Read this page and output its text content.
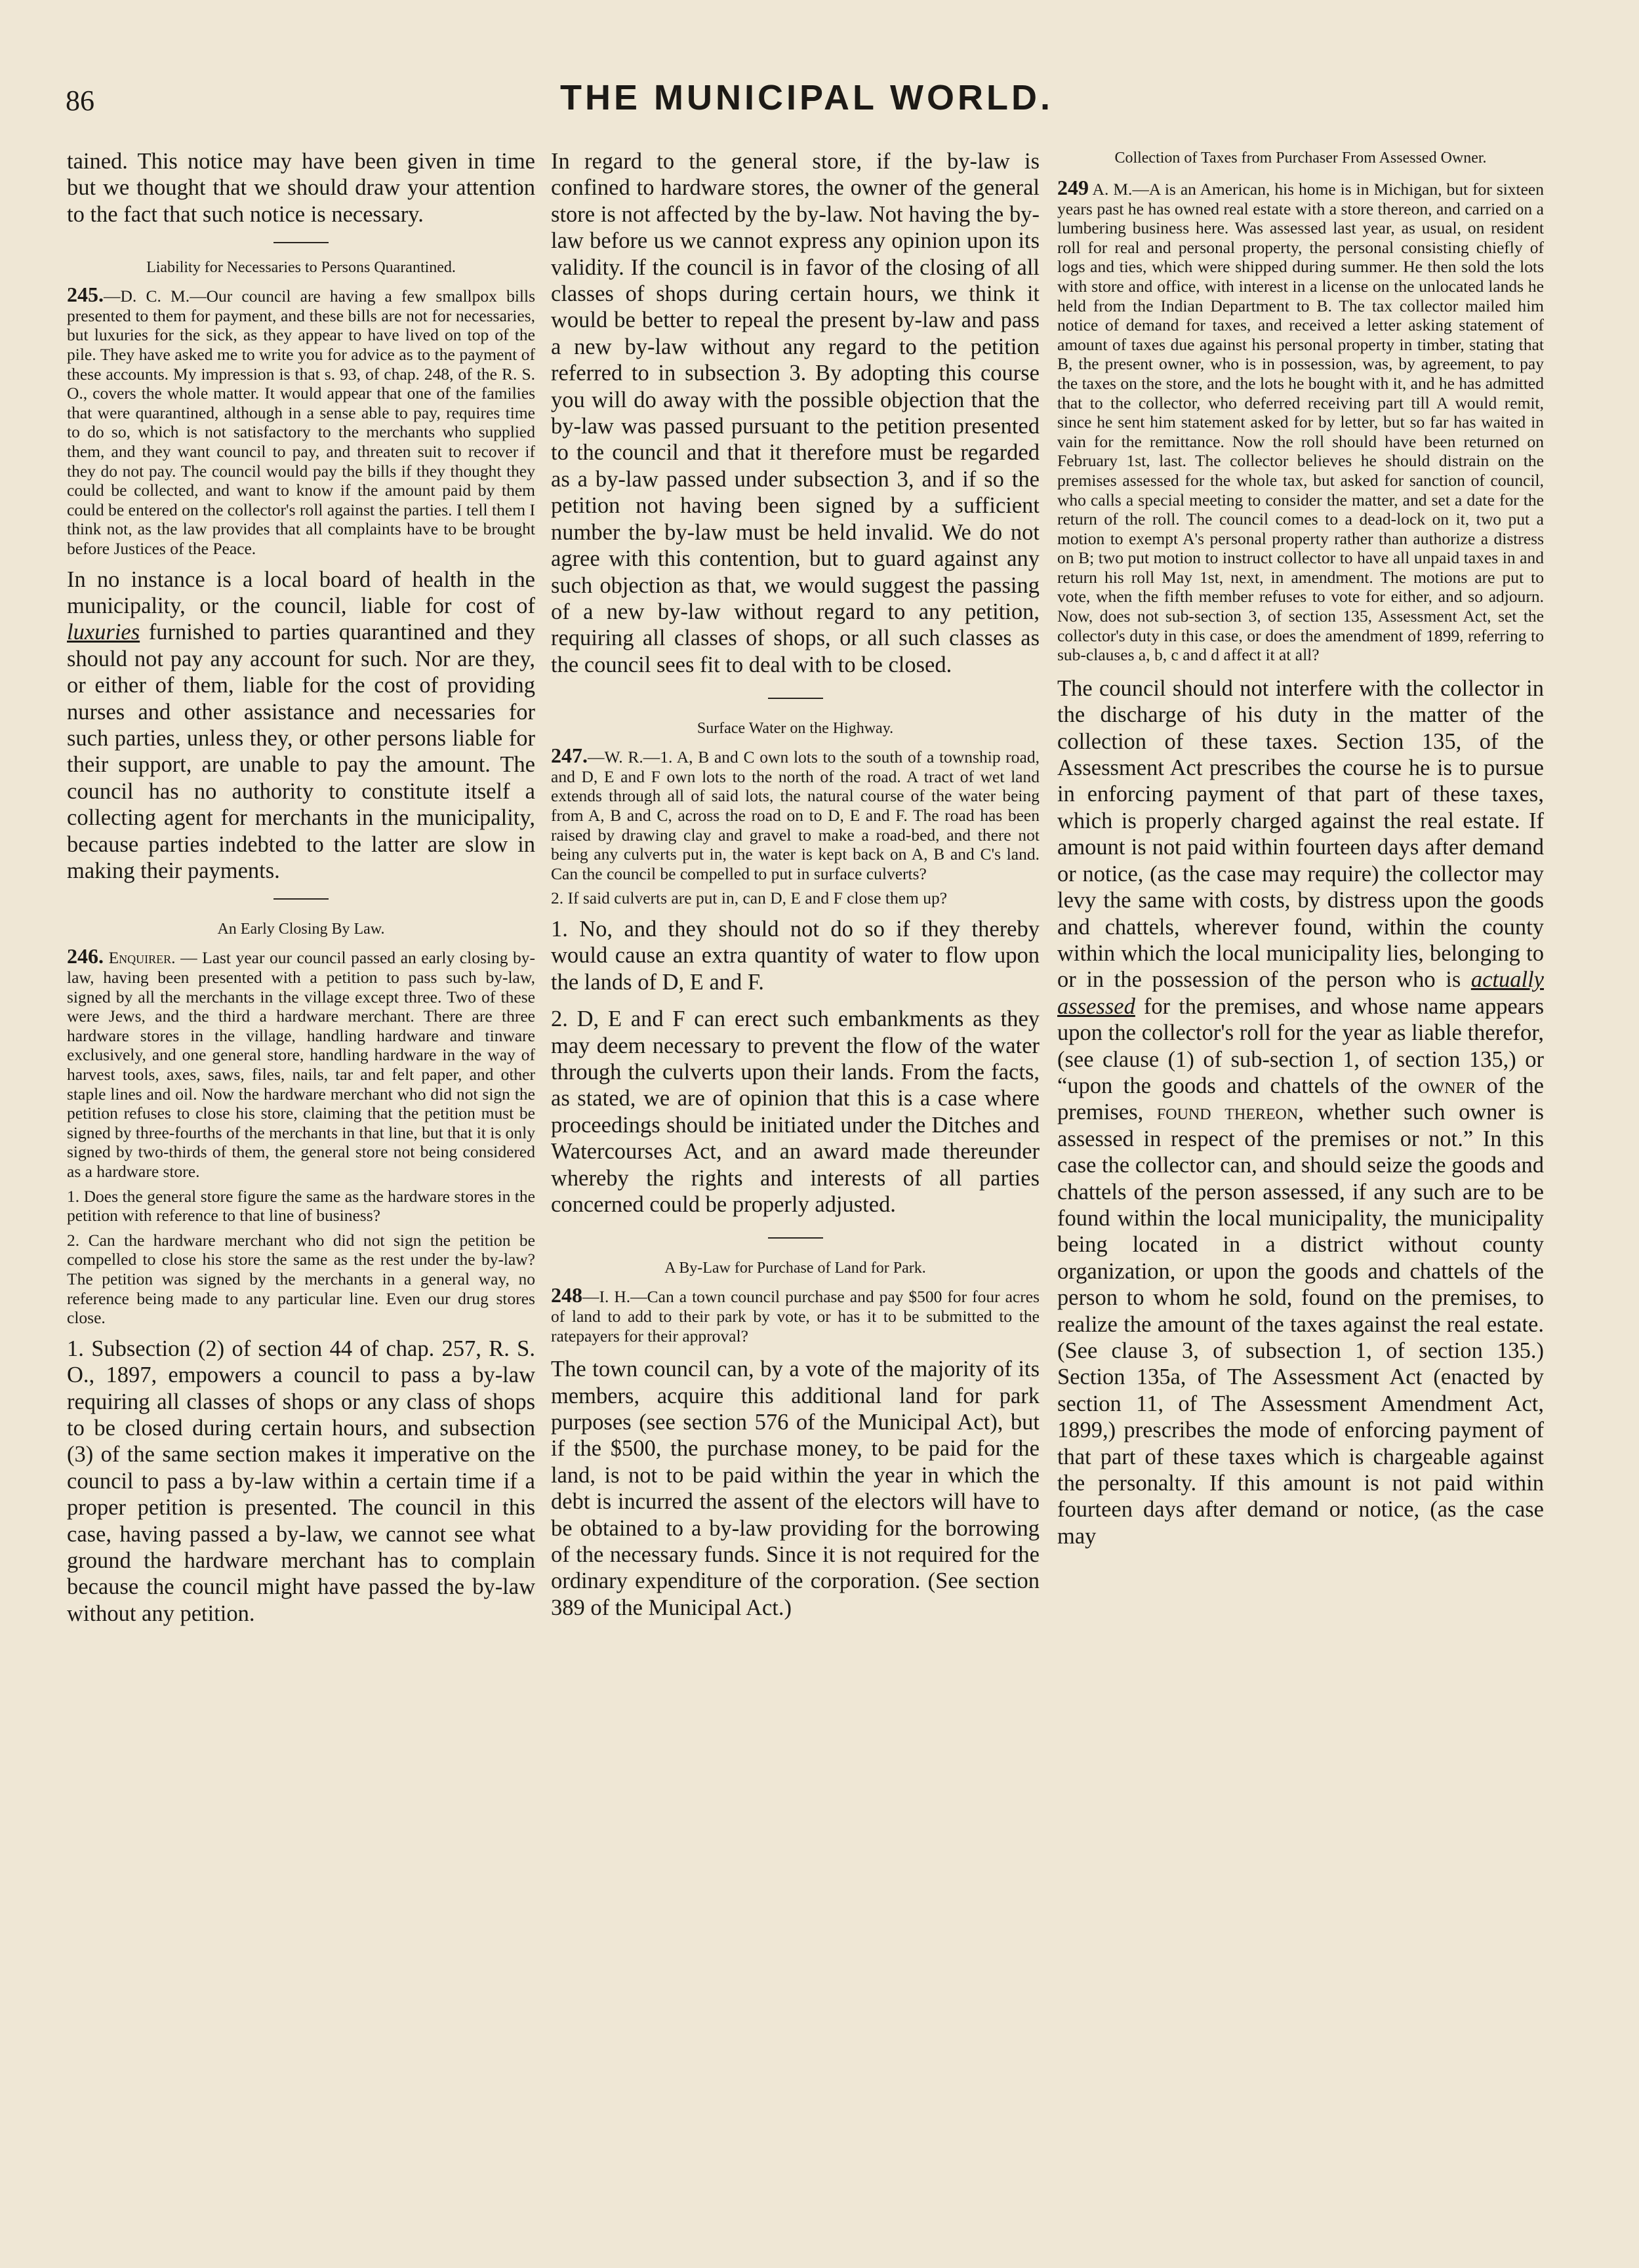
86	THE MUNICIPAL WORLD.

tained. This notice may have been given in time but we thought that we should draw your attention to the fact that such notice is necessary.

Liability for Necessaries to Persons Quarantined.

245.—D. C. M.—Our council are having a few smallpox bills presented to them for payment, and these bills are not for necessaries, but luxuries for the sick, as they appear to have lived on top of the pile. They have asked me to write you for advice as to the payment of these accounts. My impression is that s. 93, of chap. 248, of the R. S. O., covers the whole matter. It would appear that one of the families that were quarantined, although in a sense able to pay, requires time to do so, which is not satisfactory to the merchants who supplied them, and they want council to pay, and threaten suit to recover if they do not pay. The council would pay the bills if they thought they could be collected, and want to know if the amount paid by them could be entered on the collector's roll against the parties. I tell them I think not, as the law provides that all complaints have to be brought before Justices of the Peace.

In no instance is a local board of health in the municipality, or the council, liable for cost of luxuries furnished to parties quarantined and they should not pay any account for such. Nor are they, or either of them, liable for the cost of providing nurses and other assistance and necessaries for such parties, unless they, or other persons liable for their support, are unable to pay the amount. The council has no authority to constitute itself a collecting agent for merchants in the municipality, because parties indebted to the latter are slow in making their payments.

An Early Closing By Law.

246. Enquirer. — Last year our council passed an early closing by-law, having been presented with a petition to pass such by-law, signed by all the merchants in the village except three. Two of these were Jews, and the third a hardware merchant. There are three hardware stores in the village, handling hardware and tinware exclusively, and one general store, handling hardware in the way of harvest tools, axes, saws, files, nails, tar and felt paper, and other staple lines and oil. Now the hardware merchant who did not sign the petition refuses to close his store, claiming that the petition must be signed by three-fourths of the merchants in that line, but that it is only signed by two-thirds of them, the general store not being considered as a hardware store.

1. Does the general store figure the same as the hardware stores in the petition with reference to that line of business?

2. Can the hardware merchant who did not sign the petition be compelled to close his store the same as the rest under the by-law? The petition was signed by the merchants in a general way, no reference being made to any particular line. Even our drug stores close.

1. Subsection (2) of section 44 of chap. 257, R. S. O., 1897, empowers a council to pass a by-law requiring all classes of shops or any class of shops to be closed during certain hours, and subsection (3) of the same section makes it imperative on the council to pass a by-law within a certain time if a proper petition is presented. The council in this case, having passed a by-law, we cannot see what ground the hardware merchant has to complain because the council might have passed the by-law without any petition.

In regard to the general store, if the by-law is confined to hardware stores, the owner of the general store is not affected by the by-law. Not having the by-law before us we cannot express any opinion upon its validity. If the council is in favor of the closing of all classes of shops during certain hours, we think it would be better to repeal the present by-law and pass a new by-law without any regard to the petition referred to in subsection 3. By adopting this course you will do away with the possible objection that the by-law was passed pursuant to the petition presented to the council and that it therefore must be regarded as a by-law passed under subsection 3, and if so the petition not having been signed by a sufficient number the by-law must be held invalid. We do not agree with this contention, but to guard against any such objection as that, we would suggest the passing of a new by-law without regard to any petition, requiring all classes of shops, or all such classes as the council sees fit to deal with to be closed.

Surface Water on the Highway.

247.—W. R.—1. A, B and C own lots to the south of a township road, and D, E and F own lots to the north of the road. A tract of wet land extends through all of said lots, the natural course of the water being from A, B and C, across the road on to D, E and F. The road has been raised by drawing clay and gravel to make a road-bed, and there not being any culverts put in, the water is kept back on A, B and C's land. Can the council be compelled to put in surface culverts?

2. If said culverts are put in, can D, E and F close them up?

1. No, and they should not do so if they thereby would cause an extra quantity of water to flow upon the lands of D, E and F.

2. D, E and F can erect such embankments as they may deem necessary to prevent the flow of the water through the culverts upon their lands. From the facts, as stated, we are of opinion that this is a case where proceedings should be initiated under the Ditches and Watercourses Act, and an award made thereunder whereby the rights and interests of all parties concerned could be properly adjusted.

A By-Law for Purchase of Land for Park.

248—I. H.—Can a town council purchase and pay $500 for four acres of land to add to their park by vote, or has it to be submitted to the ratepayers for their approval?

The town council can, by a vote of the majority of its members, acquire this additional land for park purposes (see section 576 of the Municipal Act), but if the $500, the purchase money, to be paid for the land, is not to be paid within the year in which the debt is incurred the assent of the electors will have to be obtained to a by-law providing for the borrowing of the necessary funds. Since it is not required for the ordinary expenditure of the corporation. (See section 389 of the Municipal Act.)

Collection of Taxes from Purchaser From Assessed Owner.

249 A. M.—A is an American, his home is in Michigan, but for sixteen years past he has owned real estate with a store thereon, and carried on a lumbering business here. Was assessed last year, as usual, on resident roll for real and personal property, the personal consisting chiefly of logs and ties, which were shipped during summer. He then sold the lots with store and office, with interest in a license on the unlocated lands he held from the Indian Department to B. The tax collector mailed him notice of demand for taxes, and received a letter asking statement of amount of taxes due against his personal property in timber, stating that B, the present owner, who is in possession, was, by agreement, to pay the taxes on the store, and the lots he bought with it, and he has admitted that to the collector, who deferred receiving part till A would remit, since he sent him statement asked for by letter, but so far has waited in vain for the remittance. Now the roll should have been returned on February 1st, last. The collector believes he should distrain on the premises assessed for the whole tax, but asked for sanction of council, who calls a special meeting to consider the matter, and set a date for the return of the roll. The council comes to a dead-lock on it, two put a motion to exempt A's personal property rather than authorize a distress on B; two put motion to instruct collector to have all unpaid taxes in and return his roll May 1st, next, in amendment. The motions are put to vote, when the fifth member refuses to vote for either, and so adjourn. Now, does not sub-section 3, of section 135, Assessment Act, set the collector's duty in this case, or does the amendment of 1899, referring to sub-clauses a, b, c and d affect it at all?

The council should not interfere with the collector in the discharge of his duty in the matter of the collection of these taxes. Section 135, of the Assessment Act prescribes the course he is to pursue in enforcing payment of that part of these taxes, which is properly charged against the real estate. If amount is not paid within fourteen days after demand or notice, (as the case may require) the collector may levy the same with costs, by distress upon the goods and chattels, wherever found, within the county within which the local municipality lies, belonging to or in the possession of the person who is actually assessed for the premises, and whose name appears upon the collector's roll for the year as liable therefor, (see clause (1) of sub-section 1, of section 135,) or “upon the goods and chattels of the owner of the premises, found thereon, whether such owner is assessed in respect of the premises or not.” In this case the collector can, and should seize the goods and chattels of the person assessed, if any such are to be found within the local municipality, the municipality being located in a district without county organization, or upon the goods and chattels of the person to whom he sold, found on the premises, to realize the amount of the taxes against the real estate. (See clause 3, of subsection 1, of section 135.) Section 135a, of The Assessment Act (enacted by section 11, of The Assessment Amendment Act, 1899,) prescribes the mode of enforcing payment of that part of these taxes which is chargeable against the personalty. If this amount is not paid within fourteen days after demand or notice, (as the case may
